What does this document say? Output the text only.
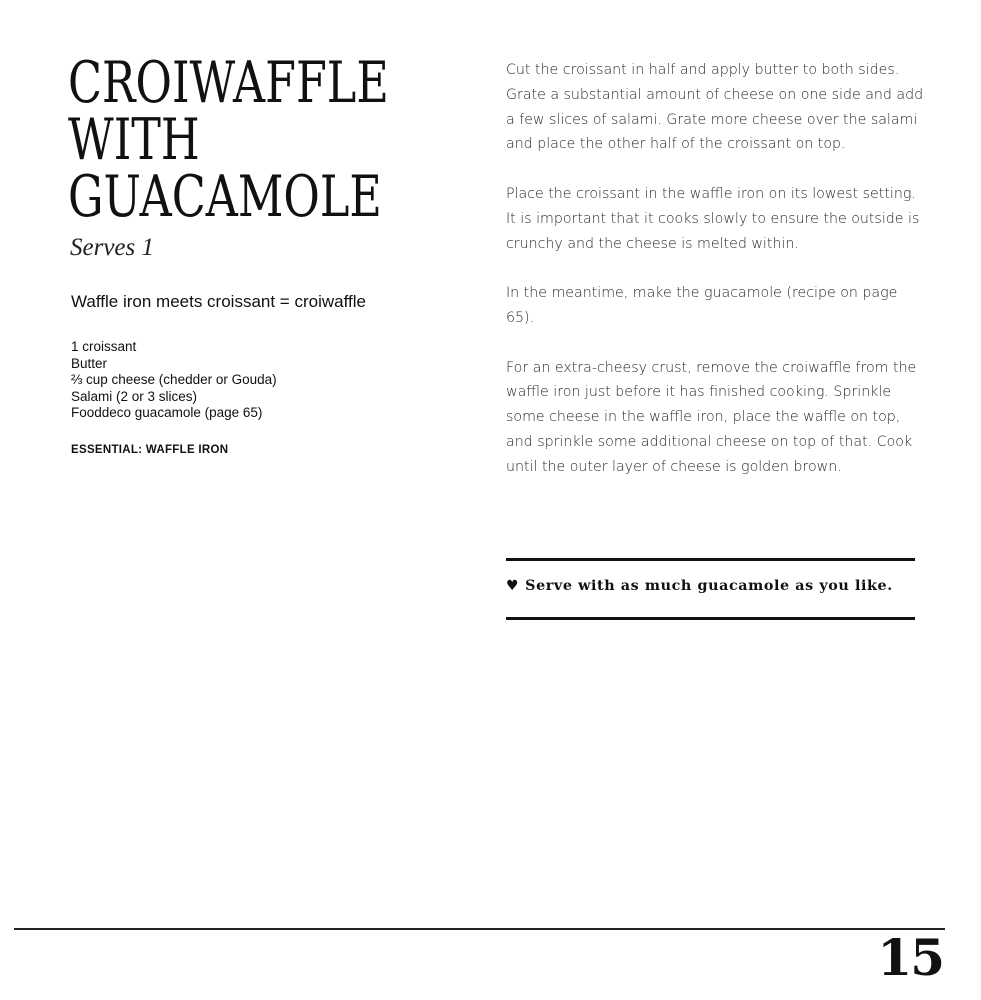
CROIWAFFLE
WITH
GUACAMOLE

Serves 1

Waffle iron meets croissant = croiwaffle

1 croissant
Butter
⅔ cup cheese (chedder or Gouda)
Salami (2 or 3 slices)
Fooddeco guacamole (page 65)

ESSENTIAL: WAFFLE IRON

Cut the croissant in half and apply butter to both sides. Grate a substantial amount of cheese on one side and add a few slices of salami. Grate more cheese over the salami and place the other half of the croissant on top.

Place the croissant in the waffle iron on its lowest setting. It is important that it cooks slowly to ensure the outside is crunchy and the cheese is melted within.

In the meantime, make the guacamole (recipe on page 65).

For an extra-cheesy crust, remove the croiwaffle from the waffle iron just before it has finished cooking. Sprinkle some cheese in the waffle iron, place the waffle on top, and sprinkle some additional cheese on top of that. Cook until the outer layer of cheese is golden brown.

♥ Serve with as much guacamole as you like.

15
